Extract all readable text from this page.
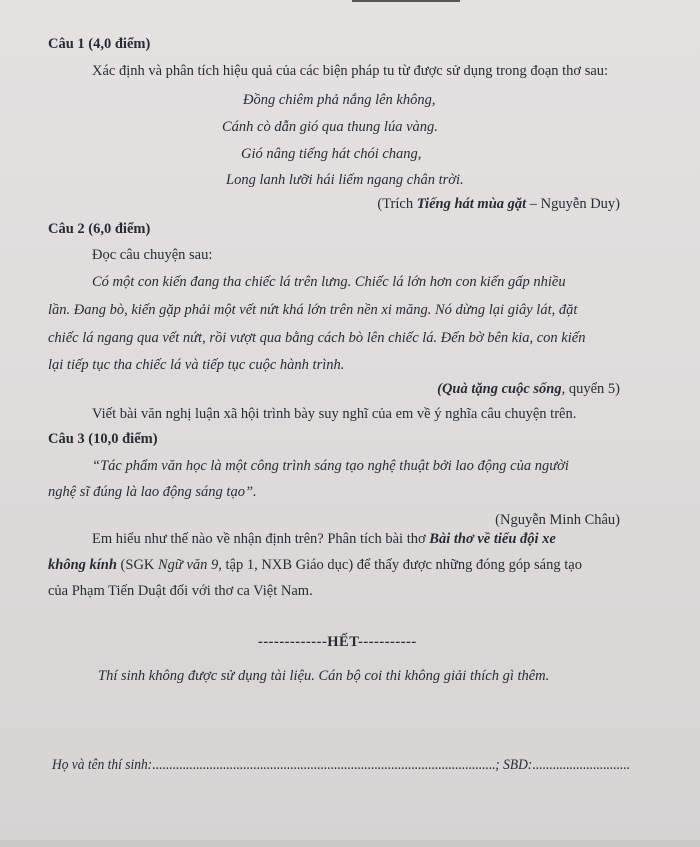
Câu 1 (4,0 điểm)
Xác định và phân tích hiệu quả của các biện pháp tu từ được sử dụng trong đoạn thơ sau:
Đồng chiêm phả nắng lên không,
Cánh cò dẫn gió qua thung lúa vàng.
Gió nâng tiếng hát chói chang,
Long lanh lưỡi hái liếm ngang chân trời.
(Trích Tiếng hát mùa gặt – Nguyễn Duy)
Câu 2 (6,0 điểm)
Đọc câu chuyện sau:
Có một con kiến đang tha chiếc lá trên lưng. Chiếc lá lớn hơn con kiến gấp nhiều
lần. Đang bò, kiến gặp phải một vết nứt khá lớn trên nền xi măng. Nó dừng lại giây lát, đặt
chiếc lá ngang qua vết nứt, rồi vượt qua bằng cách bò lên chiếc lá. Đến bờ bên kia, con kiến
lại tiếp tục tha chiếc lá và tiếp tục cuộc hành trình.
(Quà tặng cuộc sống, quyển 5)
Viết bài văn nghị luận xã hội trình bày suy nghĩ của em về ý nghĩa câu chuyện trên.
Câu 3 (10,0 điểm)
“Tác phẩm văn học là một công trình sáng tạo nghệ thuật bởi lao động của người
nghệ sĩ đúng là lao động sáng tạo”.
(Nguyễn Minh Châu)
Em hiểu như thế nào về nhận định trên? Phân tích bài thơ Bài thơ về tiểu đội xe
không kính (SGK Ngữ văn 9, tập 1, NXB Giáo dục) để thấy được những đóng góp sáng tạo
của Phạm Tiến Duật đối với thơ ca Việt Nam.
-------------HẾT-----------
Thí sinh không được sử dụng tài liệu. Cán bộ coi thi không giải thích gì thêm.
Họ và tên thí sinh:......................................................................................................; SBD:.............................
